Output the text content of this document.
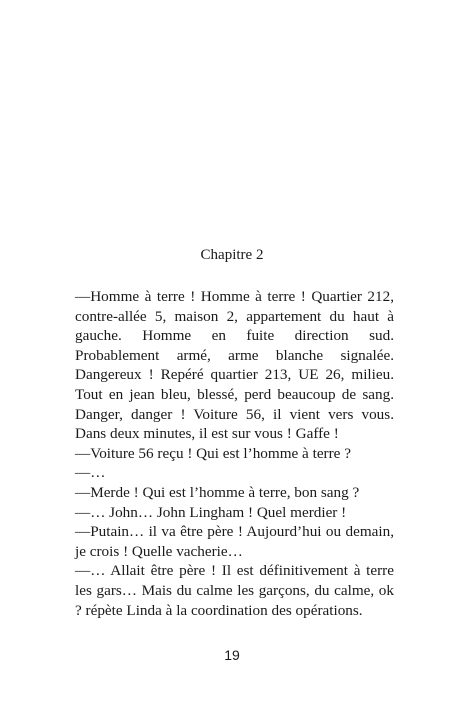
Chapitre 2

—Homme à terre ! Homme à terre ! Quartier 212, contre-allée 5, maison 2, appartement du haut à gauche. Homme en fuite direction sud. Probablement armé, arme blanche signalée. Dangereux ! Repéré quartier 213, UE 26, milieu. Tout en jean bleu, blessé, perd beaucoup de sang. Danger, danger ! Voiture 56, il vient vers vous. Dans deux minutes, il est sur vous ! Gaffe !

—Voiture 56 reçu ! Qui est l’homme à terre ?

—…

—Merde ! Qui est l’homme à terre, bon sang ?

—… John… John Lingham ! Quel merdier !

—Putain… il va être père ! Aujourd’hui ou demain, je crois ! Quelle vacherie…

—… Allait être père ! Il est définitivement à terre les gars… Mais du calme les garçons, du calme, ok ? répète Linda à la coordination des opérations.

19
